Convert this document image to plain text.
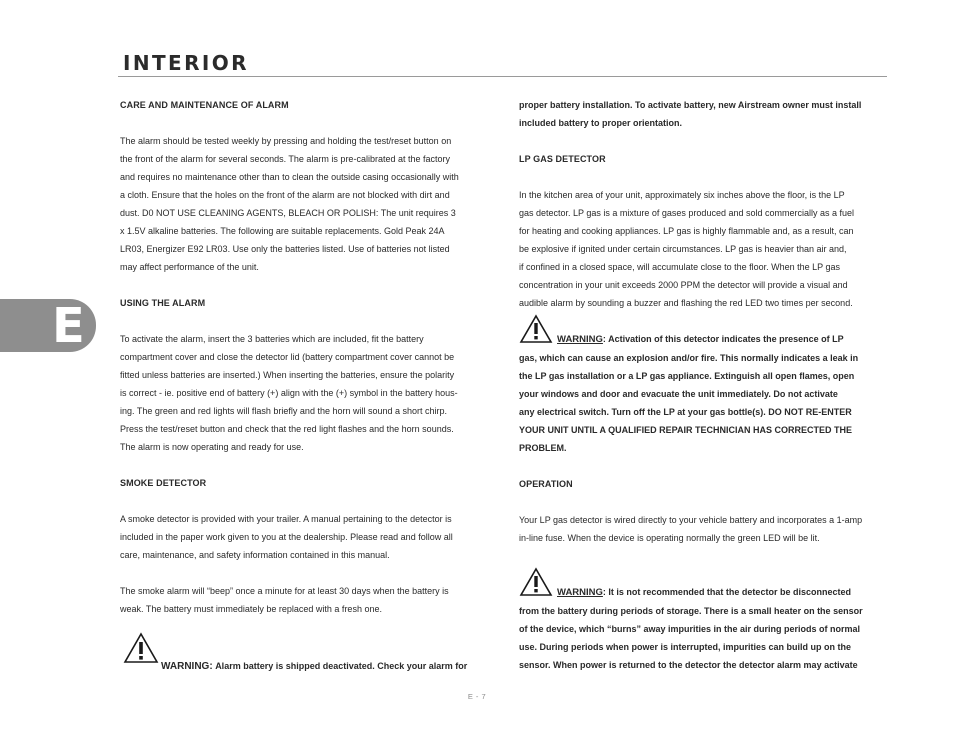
INTERIOR
E

CARE AND MAINTENANCE OF ALARM

The alarm should be tested weekly by pressing and holding the test/reset button on

the front of the alarm for several seconds. The alarm is pre-calibrated at the factory

and requires no maintenance other than to clean the outside casing occasionally with

a cloth. Ensure that the holes on the front of the alarm are not blocked with dirt and

dust. D0 NOT USE CLEANING AGENTS, BLEACH OR POLISH: The unit requires 3

x 1.5V alkaline batteries. The following are suitable replacements. Gold Peak 24A

LR03, Energizer E92 LR03. Use only the batteries listed. Use of batteries not listed

may affect performance of the unit.

USING THE ALARM

To activate the alarm, insert the 3 batteries which are included, fit the battery

compartment cover and close the detector lid (battery compartment cover cannot be

fitted unless batteries are inserted.) When inserting the batteries, ensure the polarity

is correct - ie. positive end of battery (+) align with the (+) symbol in the battery hous-

ing. The green and red lights will flash briefly and the horn will sound a short chirp.

Press the test/reset button and check that the red light flashes and the horn sounds.

The alarm is now operating and ready for use.

SMOKE DETECTOR

A smoke detector is provided with your trailer. A manual pertaining to the detector is

included in the paper work given to you at the dealership. Please read and follow all

care, maintenance, and safety information contained in this manual.

The smoke alarm will “beep” once a minute for at least 30 days when the battery is

weak. The battery must immediately be replaced with a fresh one.

WARNING: Alarm battery is shipped deactivated. Check your alarm for

proper battery installation. To activate battery, new Airstream owner must install

included battery to proper orientation.

LP GAS DETECTOR

In the kitchen area of your unit, approximately six inches above the floor, is the LP

gas detector. LP gas is a mixture of gases produced and sold commercially as a fuel

for heating and cooking appliances. LP gas is highly flammable and, as a result, can

be explosive if ignited under certain circumstances. LP gas is heavier than air and,

if confined in a closed space, will accumulate close to the floor. When the LP gas

concentration in your unit exceeds 2000 PPM the detector will provide a visual and

audible alarm by sounding a buzzer and flashing the red LED two times per second.

WARNING: Activation of this detector indicates the presence of LP

gas, which can cause an explosion and/or fire. This normally indicates a leak in

the LP gas installation or a LP gas appliance. Extinguish all open flames, open

your windows and door and evacuate the unit immediately. Do not activate

any electrical switch. Turn off the LP at your gas bottle(s). DO NOT RE-ENTER

YOUR UNIT UNTIL A QUALIFIED REPAIR TECHNICIAN HAS CORRECTED THE

PROBLEM.

OPERATION

Your LP gas detector is wired directly to your vehicle battery and incorporates a 1-amp

in-line fuse. When the device is operating normally the green LED will be lit.

WARNING: It is not recommended that the detector be disconnected

from the battery during periods of storage. There is a small heater on the sensor

of the device, which “burns” away impurities in the air during periods of normal

use. During periods when power is interrupted, impurities can build up on the

sensor. When power is returned to the detector the detector alarm may activate

E - 7
